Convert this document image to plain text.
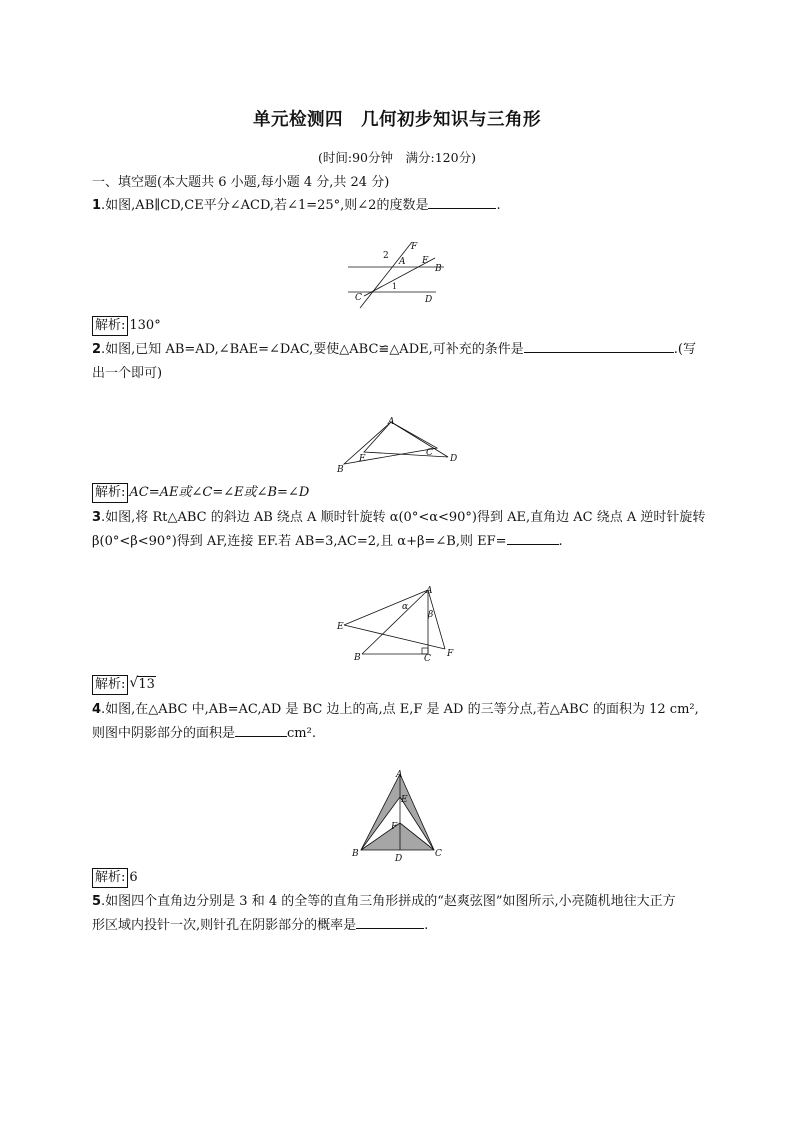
单元检测四　几何初步知识与三角形
(时间:90分钟　满分:120分)
一、填空题(本大题共 6 小题,每小题 4 分,共 24 分)
1.如图,AB∥CD,CE平分∠ACD,若∠1=25°,则∠2的度数是	.
F
2
A E
B
1
C	D
解析: 130°
2.如图,已知 AB=AD,∠BAE=∠DAC,要使△ABC≌△ADE,可补充的条件是	.(写
出一个即可)
A
E
C
D
B
解析: AC=AE或∠C=∠E或∠B=∠D
3.如图,将 Rt△ABC 的斜边 AB 绕点 A 顺时针旋转 α(0°<α<90°)得到 AE,直角边 AC 绕点 A 逆时针旋转
β(0°<β<90°)得到 AF,连接 EF.若 AB=3,AC=2,且 α+β=∠B,则 EF=	.
A
α
β
E
B	C F
解析: √ 13
4.如图,在△ABC 中,AB=AC,AD 是 BC 边上的高,点 E,F 是 AD 的三等分点,若△ABC 的面积为 12 cm²,
则图中阴影部分的面积是	cm².
A
E
F
B	D	C
解析: 6
5.如图四个直角边分别是 3 和 4 的全等的直角三角形拼成的“赵爽弦图”如图所示,小亮随机地往大正方
形区域内投针一次,则针孔在阴影部分的概率是	.
